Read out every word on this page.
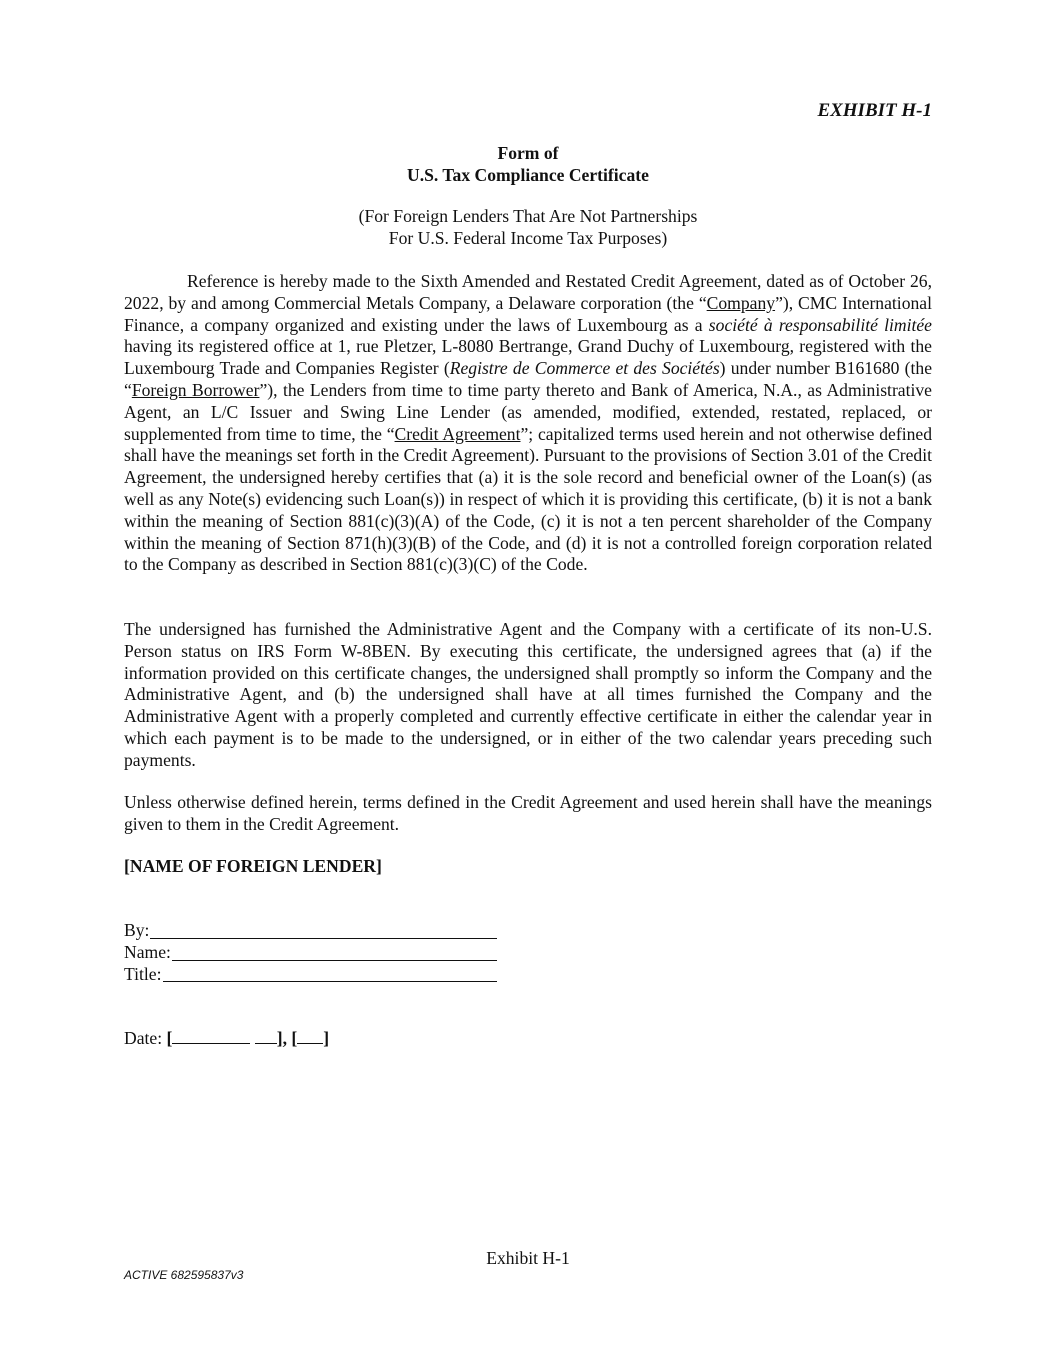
EXHIBIT H-1
Form of
U.S. Tax Compliance Certificate
(For Foreign Lenders That Are Not Partnerships
For U.S. Federal Income Tax Purposes)

Reference is hereby made to the Sixth Amended and Restated Credit Agreement, dated as of October 26, 2022, by and among Commercial Metals Company, a Delaware corporation (the “Company”), CMC International Finance, a company organized and existing under the laws of Luxembourg as a société à responsabilité limitée having its registered office at 1, rue Pletzer, L-8080 Bertrange, Grand Duchy of Luxembourg, registered with the Luxembourg Trade and Companies Register (Registre de Commerce et des Sociétés) under number B161680 (the “Foreign Borrower”), the Lenders from time to time party thereto and Bank of America, N.A., as Administrative Agent, an L/C Issuer and Swing Line Lender (as amended, modified, extended, restated, replaced, or supplemented from time to time, the “Credit Agreement”; capitalized terms used herein and not otherwise defined shall have the meanings set forth in the Credit Agreement). Pursuant to the provisions of Section 3.01 of the Credit Agreement, the undersigned hereby certifies that (a) it is the sole record and beneficial owner of the Loan(s) (as well as any Note(s) evidencing such Loan(s)) in respect of which it is providing this certificate, (b) it is not a bank within the meaning of Section 881(c)(3)(A) of the Code, (c) it is not a ten percent shareholder of the Company within the meaning of Section 871(h)(3)(B) of the Code, and (d) it is not a controlled foreign corporation related to the Company as described in Section 881(c)(3)(C) of the Code.

The undersigned has furnished the Administrative Agent and the Company with a certificate of its non-U.S. Person status on IRS Form W-8BEN. By executing this certificate, the undersigned agrees that (a) if the information provided on this certificate changes, the undersigned shall promptly so inform the Company and the Administrative Agent, and (b) the undersigned shall have at all times furnished the Company and the Administrative Agent with a properly completed and currently effective certificate in either the calendar year in which each payment is to be made to the undersigned, or in either of the two calendar years preceding such payments.

Unless otherwise defined herein, terms defined in the Credit Agreement and used herein shall have the meanings given to them in the Credit Agreement.

[NAME OF FOREIGN LENDER]
By:
Name:
Title:
Date: [	], [ ]
Exhibit H-1
ACTIVE 682595837v3
